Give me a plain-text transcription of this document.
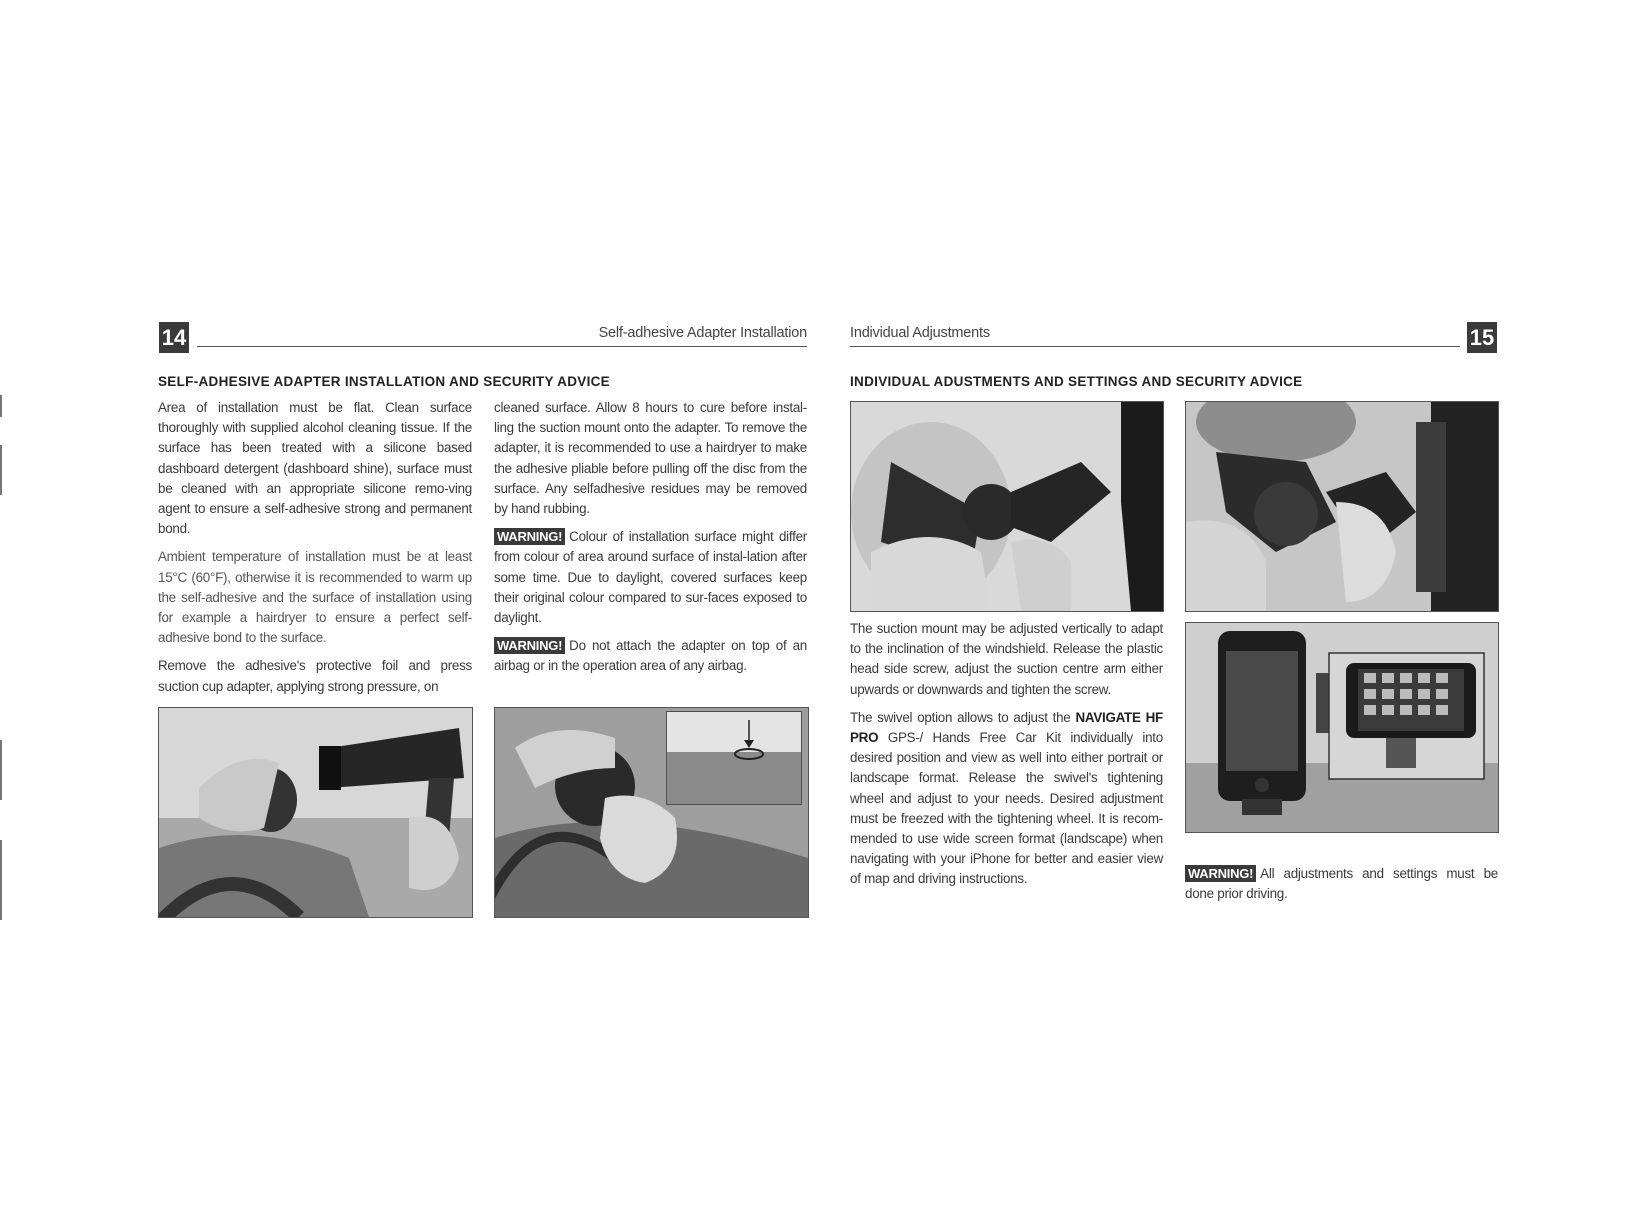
14	Self-adhesive Adapter Installation
SELF-ADHESIVE ADAPTER INSTALLATION AND SECURITY ADVICE

Area of installation must be flat. Clean surface thoroughly with supplied alcohol cleaning tissue. If the surface has been treated with a silicone based dashboard detergent (dashboard shine), surface must be cleaned with an appropriate silicone remo-ving agent to ensure a self-adhesive strong and permanent bond.

Ambient temperature of installation must be at least 15°C (60°F), otherwise it is recommended to warm up the self-adhesive and the surface of installation using for example a hairdryer to ensure a perfect self-adhesive bond to the surface.

Remove the adhesive's protective foil and press suction cup adapter, applying strong pressure, on

cleaned surface. Allow 8 hours to cure before instal-ling the suction mount onto the adapter. To remove the adapter, it is recommended to use a hairdryer to make the adhesive pliable before pulling off the disc from the surface. Any selfadhesive residues may be removed by hand rubbing.

WARNING! Colour of installation surface might differ from colour of area around surface of instal-lation after some time. Due to daylight, covered surfaces keep their original colour compared to sur-faces exposed to daylight.

WARNING! Do not attach the adapter on top of an airbag or in the operation area of any airbag.

Individual Adjustments	15
INDIVIDUAL ADUSTMENTS AND SETTINGS AND SECURITY ADVICE

The suction mount may be adjusted vertically to adapt to the inclination of the windshield. Release the plastic head side screw, adjust the suction centre arm either upwards or downwards and tighten the screw.

The swivel option allows to adjust the NAVIGATE HF PRO GPS-/ Hands Free Car Kit individually into desired position and view as well into either portrait or landscape format. Release the swivel's tightening wheel and adjust to your needs. Desired adjustment must be freezed with the tightening wheel. It is recom-mended to use wide screen format (landscape) when navigating with your iPhone for better and easier view of map and driving instructions.	WARNING! All adjustments and settings must be done prior driving.
